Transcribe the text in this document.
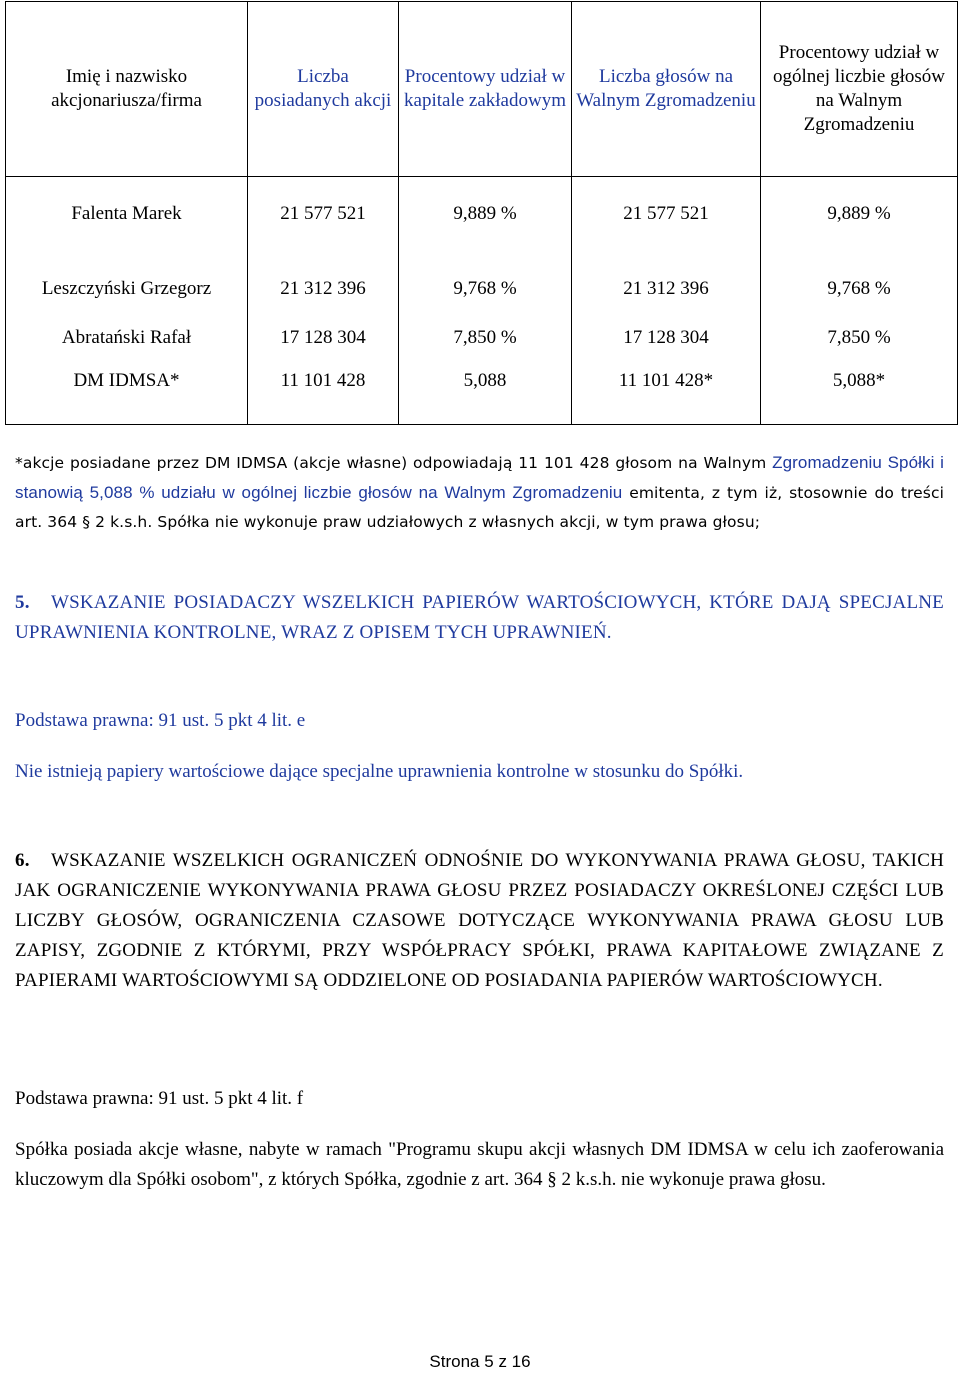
Imię i nazwisko akcjonariusza/firma	Liczba posiadanych akcji	Procentowy udział w kapitale zakładowym	Liczba głosów na Walnym Zgromadzeniu	Procentowy udział w ogólnej liczbie głosów na Walnym Zgromadzeniu
Falenta Marek	21 577 521	9,889 %	21 577 521	9,889 %
Leszczyński Grzegorz	21 312 396	9,768 %	21 312 396	9,768 %
Abratański Rafał	17 128 304	7,850 %	17 128 304	7,850 %
DM IDMSA*	11 101 428	5,088	11 101 428*	5,088*

*akcje posiadane przez DM IDMSA (akcje własne) odpowiadają 11 101 428 głosom na Walnym Zgromadzeniu Spółki i stanowią 5,088 % udziału w ogólnej liczbie głosów na Walnym Zgromadzeniu emitenta, z tym iż, stosownie do treści art. 364 § 2 k.s.h. Spółka nie wykonuje praw udziałowych z własnych akcji, w tym prawa głosu;

5. WSKAZANIE POSIADACZY WSZELKICH PAPIERÓW WARTOŚCIOWYCH, KTÓRE DAJĄ SPECJALNE UPRAWNIENIA KONTROLNE, WRAZ Z OPISEM TYCH UPRAWNIEŃ.

Podstawa prawna: 91 ust. 5 pkt 4 lit. e

Nie istnieją papiery wartościowe dające specjalne uprawnienia kontrolne w stosunku do Spółki.

6. WSKAZANIE WSZELKICH OGRANICZEŃ ODNOŚNIE DO WYKONYWANIA PRAWA GŁOSU, TAKICH JAK OGRANICZENIE WYKONYWANIA PRAWA GŁOSU PRZEZ POSIADACZY OKREŚLONEJ CZĘŚCI LUB LICZBY GŁOSÓW, OGRANICZENIA CZASOWE DOTYCZĄCE WYKONYWANIA PRAWA GŁOSU LUB ZAPISY, ZGODNIE Z KTÓRYMI, PRZY WSPÓŁPRACY SPÓŁKI, PRAWA KAPITAŁOWE ZWIĄZANE Z PAPIERAMI WARTOŚCIOWYMI SĄ ODDZIELONE OD POSIADANIA PAPIERÓW WARTOŚCIOWYCH.

Podstawa prawna: 91 ust. 5 pkt 4 lit. f

Spółka posiada akcje własne, nabyte w ramach "Programu skupu akcji własnych DM IDMSA w celu ich zaoferowania kluczowym dla Spółki osobom", z których Spółka, zgodnie z art. 364 § 2 k.s.h. nie wykonuje prawa głosu.

Strona 5 z 16
